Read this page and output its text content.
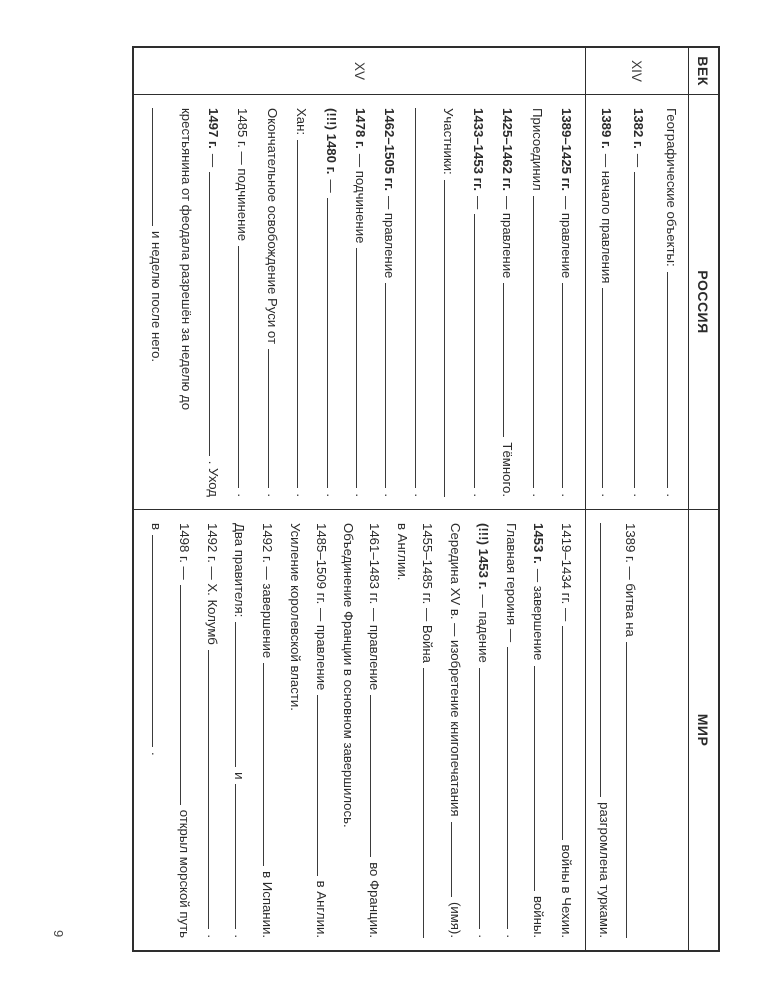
ВЕК
РОССИЯ
МИР
XIV
Географические объекты:
.
1382 г.
—
.
1389 г.
— начало правления
.
1389 г. — битва на
разгромлена турками.
XV
1389–1425 гг.
— правление
.
Присоединил
.
1425–1462 гг.
— правление
Тёмного.
1433–1453 гг.
—
.
Участники:
.
1462–1505 гг.
— правление
.
1478 г.
— подчинение
.
(!!!) 1480 г.
—
.
Хан:
.
Окончательное освобождение Руси от
.
1485 г. — подчинение
.
1497 г.
—
. Уход
крестьянина от феодала разрешён за неделю до
и неделю после него.
1419–1434 гг. —
войны в Чехии.
1453 г.
— завершение
войны.
Главная героиня —
.
(!!!) 1453 г.
— падение
.
Середина XV в. — изобретение книгопечатания
(имя).
1455–1485 гг. — Война
в Англии.
1461–1483 гг. — правление
во Франции.
Объединение Франции в основном завершилось.
1485–1509 гг. — правление
в Англии.
Усиление королевской власти.
1492 г. — завершение
в Испании.
Два правителя:
и
.
1492 г. — Х. Колумб
.
1498 г. —
открыл морской путь
в
.
9
